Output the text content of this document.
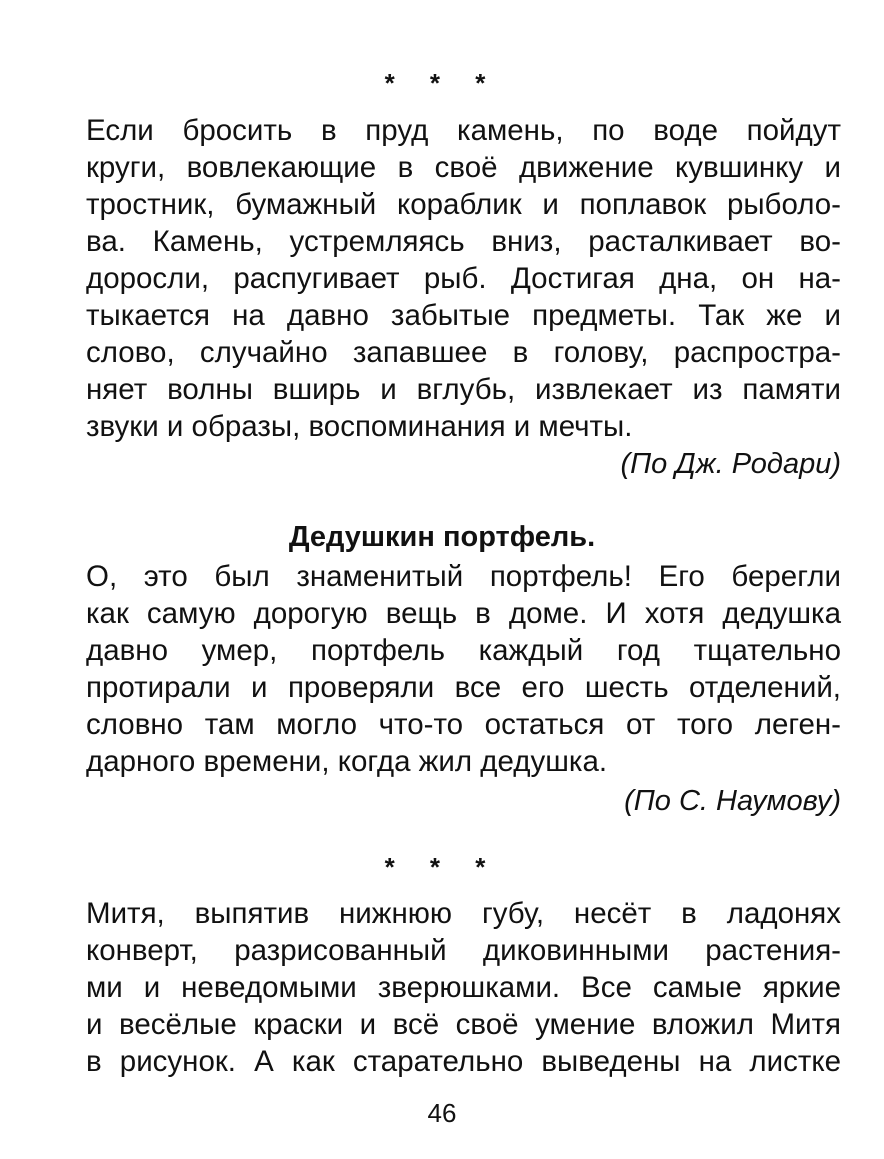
* * *
Если бросить в пруд камень, по воде пойдут
круги, вовлекающие в своё движение кувшинку и
тростник, бумажный кораблик и поплавок рыболо-
ва. Камень, устремляясь вниз, расталкивает во-
доросли, распугивает рыб. Достигая дна, он на-
тыкается на давно забытые предметы. Так же и
слово, случайно запавшее в голову, распростра-
няет волны вширь и вглубь, извлекает из памяти
звуки и образы, воспоминания и мечты.
(По Дж. Родари)
Дедушкин портфель.
О, это был знаменитый портфель! Его берегли
как самую дорогую вещь в доме. И хотя дедушка
давно умер, портфель каждый год тщательно
протирали и проверяли все его шесть отделений,
словно там могло что-то остаться от того леген-
дарного времени, когда жил дедушка.
(По С. Наумову)
* * *
Митя, выпятив нижнюю губу, несёт в ладонях
конверт, разрисованный диковинными растения-
ми и неведомыми зверюшками. Все самые яркие
и весёлые краски и всё своё умение вложил Митя
в рисунок. А как старательно выведены на листке
46
